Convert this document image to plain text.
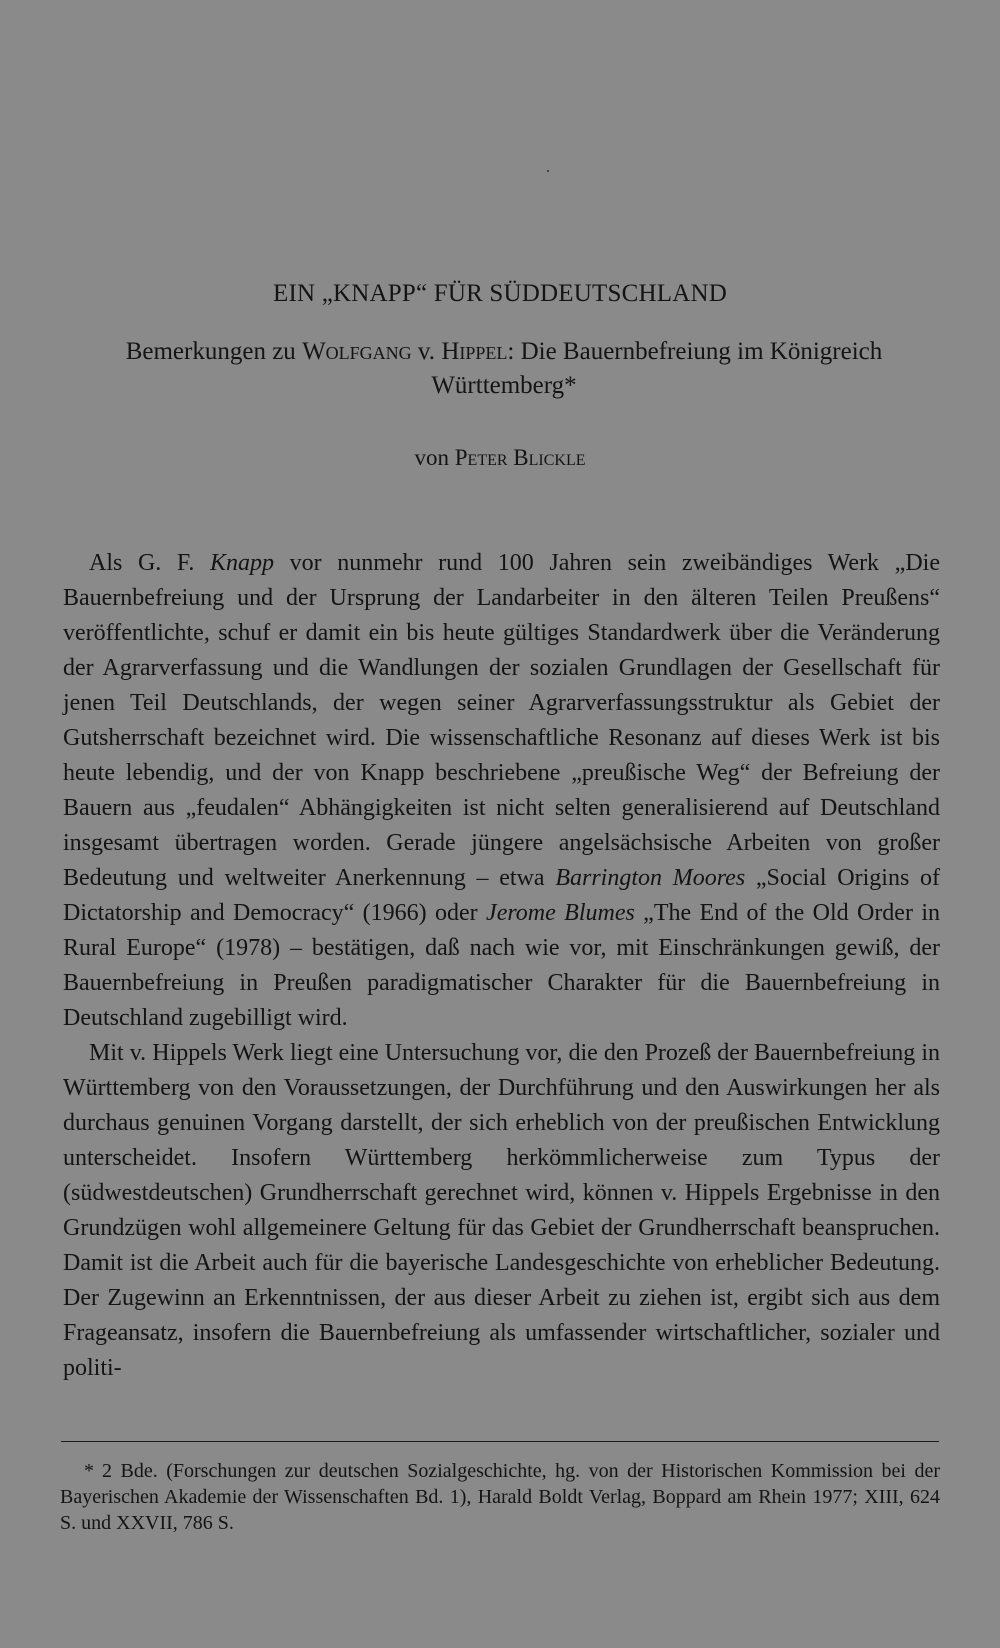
EIN „KNAPP“ FÜR SÜDDEUTSCHLAND
Bemerkungen zu Wolfgang v. Hippel: Die Bauernbefreiung im Königreich Württemberg*
von Peter Blickle

Als G. F. Knapp vor nunmehr rund 100 Jahren sein zweibändiges Werk „Die Bauernbefreiung und der Ursprung der Landarbeiter in den älteren Teilen Preußens“ veröffentlichte, schuf er damit ein bis heute gültiges Standardwerk über die Veränderung der Agrarverfassung und die Wandlungen der sozialen Grundlagen der Gesellschaft für jenen Teil Deutschlands, der wegen seiner Agrarverfassungsstruktur als Gebiet der Gutsherrschaft bezeichnet wird. Die wissenschaftliche Resonanz auf dieses Werk ist bis heute lebendig, und der von Knapp beschriebene „preußische Weg“ der Befreiung der Bauern aus „feudalen“ Abhängigkeiten ist nicht selten generalisierend auf Deutschland insgesamt übertragen worden. Gerade jüngere angelsächsische Arbeiten von großer Bedeutung und weltweiter Anerkennung – etwa Barrington Moores „Social Origins of Dictatorship and Democracy“ (1966) oder Jerome Blumes „The End of the Old Order in Rural Europe“ (1978) – bestätigen, daß nach wie vor, mit Einschränkungen gewiß, der Bauernbefreiung in Preußen paradigmatischer Charakter für die Bauernbefreiung in Deutschland zugebilligt wird.

Mit v. Hippels Werk liegt eine Untersuchung vor, die den Prozeß der Bauernbefreiung in Württemberg von den Voraussetzungen, der Durchführung und den Auswirkungen her als durchaus genuinen Vorgang darstellt, der sich erheblich von der preußischen Entwicklung unterscheidet. Insofern Württemberg herkömmlicherweise zum Typus der (südwestdeutschen) Grundherrschaft gerechnet wird, können v. Hippels Ergebnisse in den Grundzügen wohl allgemeinere Geltung für das Gebiet der Grundherrschaft beanspruchen. Damit ist die Arbeit auch für die bayerische Landesgeschichte von erheblicher Bedeutung. Der Zugewinn an Erkenntnissen, der aus dieser Arbeit zu ziehen ist, ergibt sich aus dem Frageansatz, insofern die Bauernbefreiung als umfassender wirtschaftlicher, sozialer und politi-

* 2 Bde. (Forschungen zur deutschen Sozialgeschichte, hg. von der Historischen Kommission bei der Bayerischen Akademie der Wissenschaften Bd. 1), Harald Boldt Verlag, Boppard am Rhein 1977; XIII, 624 S. und XXVII, 786 S.
